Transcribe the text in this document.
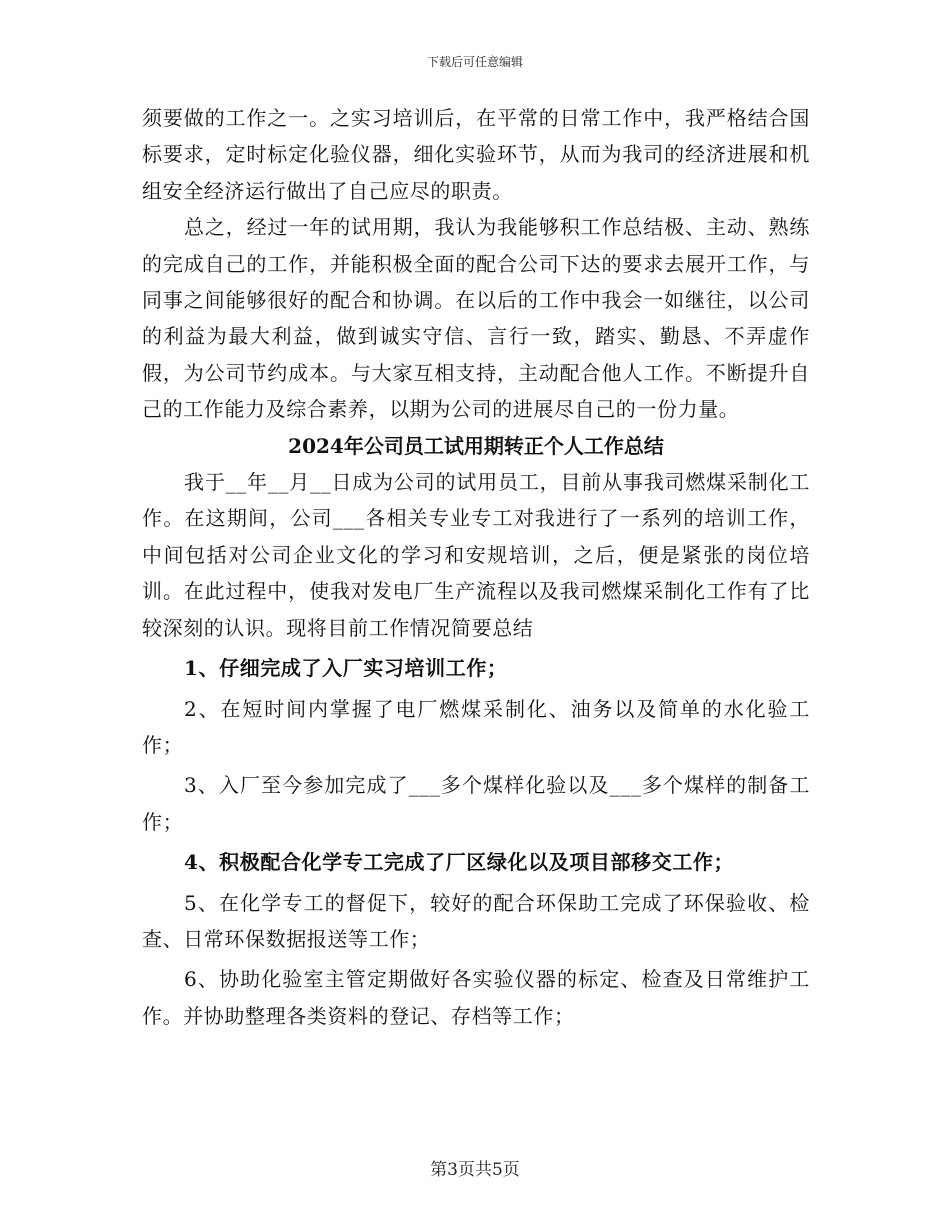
下载后可任意编辑

须要做的工作之一。之实习培训后，在平常的日常工作中，我严格结合国标要求，定时标定化验仪器，细化实验环节，从而为我司的经济进展和机组安全经济运行做出了自己应尽的职责。

总之，经过一年的试用期，我认为我能够积工作总结极、主动、熟练的完成自己的工作，并能积极全面的配合公司下达的要求去展开工作，与同事之间能够很好的配合和协调。在以后的工作中我会一如继往，以公司的利益为最大利益，做到诚实守信、言行一致，踏实、勤恳、不弄虚作假，为公司节约成本。与大家互相支持，主动配合他人工作。不断提升自己的工作能力及综合素养，以期为公司的进展尽自己的一份力量。

2024年公司员工试用期转正个人工作总结

我于__年__月__日成为公司的试用员工，目前从事我司燃煤采制化工作。在这期间，公司___各相关专业专工对我进行了一系列的培训工作，中间包括对公司企业文化的学习和安规培训，之后，便是紧张的岗位培训。在此过程中，使我对发电厂生产流程以及我司燃煤采制化工作有了比较深刻的认识。现将目前工作情况简要总结

1、仔细完成了入厂实习培训工作；

2、在短时间内掌握了电厂燃煤采制化、油务以及简单的水化验工作；

3、入厂至今参加完成了___多个煤样化验以及___多个煤样的制备工作；

4、积极配合化学专工完成了厂区绿化以及项目部移交工作；

5、在化学专工的督促下，较好的配合环保助工完成了环保验收、检查、日常环保数据报送等工作；

6、协助化验室主管定期做好各实验仪器的标定、检查及日常维护工作。并协助整理各类资料的登记、存档等工作；

第3页共5页
